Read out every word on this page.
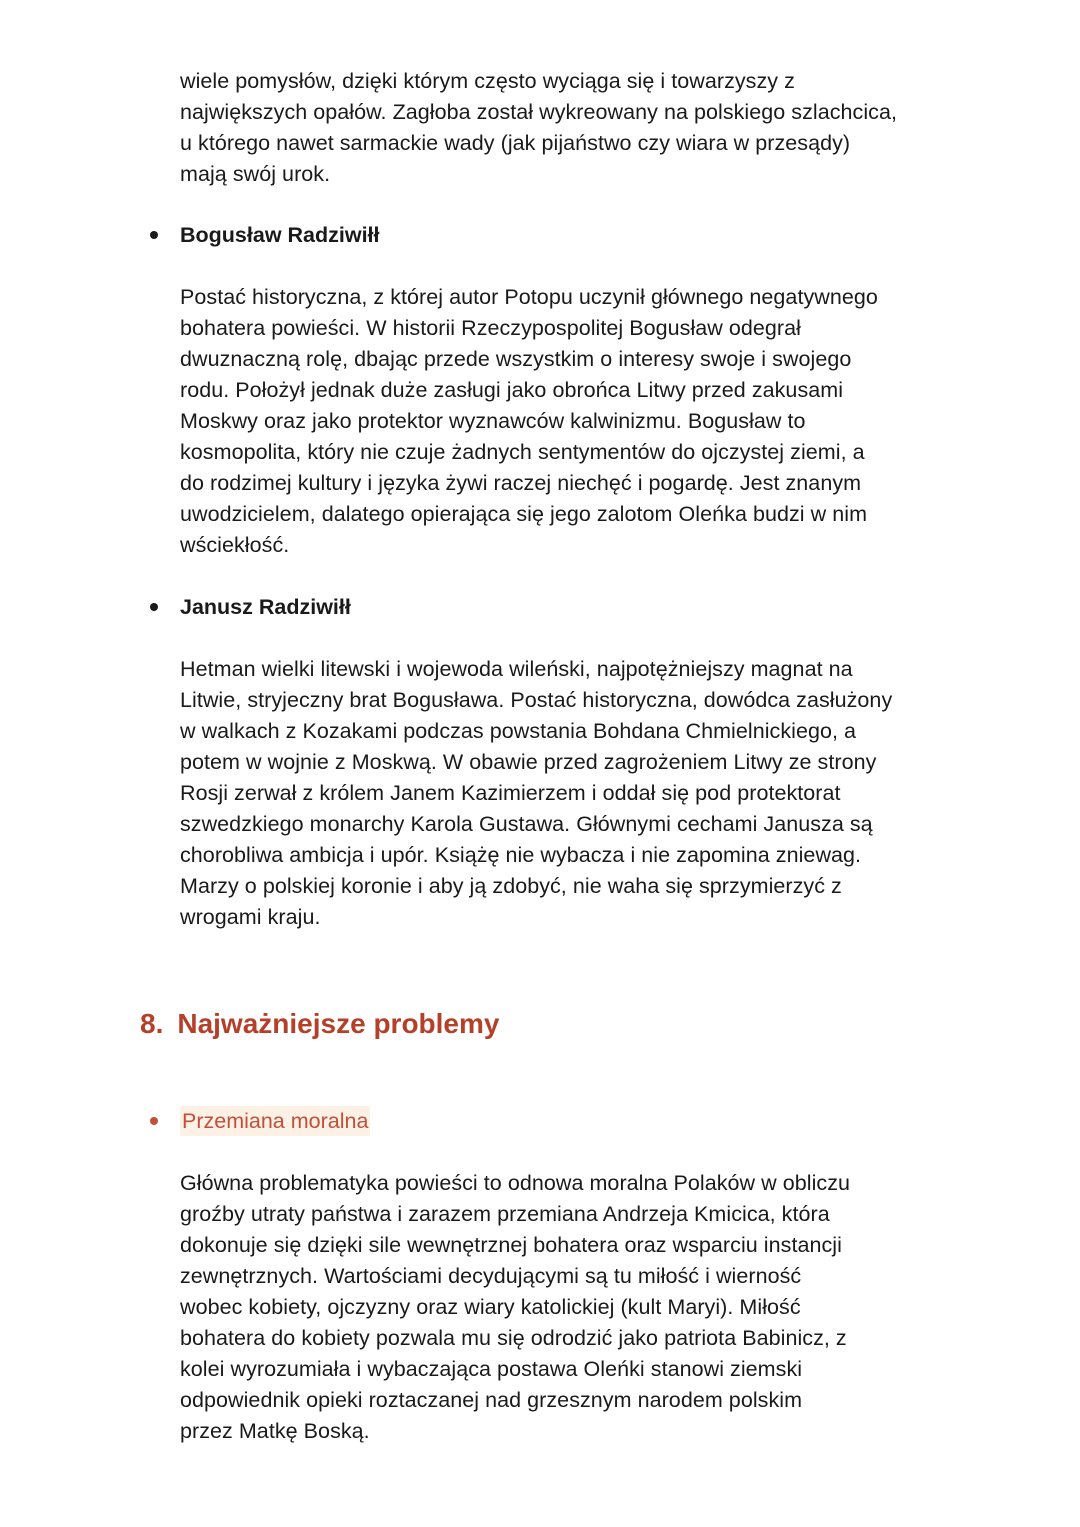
wiele pomysłów, dzięki którym często wyciąga się i towarzyszy z
największych opałów. Zagłoba został wykreowany na polskiego szlachcica,
u którego nawet sarmackie wady (jak pijaństwo czy wiara w przesądy)
mają swój urok.

Bogusław Radziwiłł

Postać historyczna, z której autor Potopu uczynił głównego negatywnego
bohatera powieści. W historii Rzeczypospolitej Bogusław odegrał
dwuznaczną rolę, dbając przede wszystkim o interesy swoje i swojego
rodu. Położył jednak duże zasługi jako obrońca Litwy przed zakusami
Moskwy oraz jako protektor wyznawców kalwinizmu. Bogusław to
kosmopolita, który nie czuje żadnych sentymentów do ojczystej ziemi, a
do rodzimej kultury i języka żywi raczej niechęć i pogardę. Jest znanym
uwodzicielem, dalatego opierająca się jego zalotom Oleńka budzi w nim
wściekłość.

Janusz Radziwiłł

Hetman wielki litewski i wojewoda wileński, najpotężniejszy magnat na
Litwie, stryjeczny brat Bogusława. Postać historyczna, dowódca zasłużony
w walkach z Kozakami podczas powstania Bohdana Chmielnickiego, a
potem w wojnie z Moskwą. W obawie przed zagrożeniem Litwy ze strony
Rosji zerwał z królem Janem Kazimierzem i oddał się pod protektorat
szwedzkiego monarchy Karola Gustawa. Głównymi cechami Janusza są
chorobliwa ambicja i upór. Książę nie wybacza i nie zapomina zniewag.
Marzy o polskiej koronie i aby ją zdobyć, nie waha się sprzymierzyć z
wrogami kraju.

8. Najważniejsze problemy
Przemiana moralna

Główna problematyka powieści to odnowa moralna Polaków w obliczu
groźby utraty państwa i zarazem przemiana Andrzeja Kmicica, która
dokonuje się dzięki sile wewnętrznej bohatera oraz wsparciu instancji
zewnętrznych. Wartościami decydującymi są tu miłość i wierność
wobec kobiety, ojczyzny oraz wiary katolickiej (kult Maryi). Miłość
bohatera do kobiety pozwala mu się odrodzić jako patriota Babinicz, z
kolei wyrozumiała i wybaczająca postawa Oleńki stanowi ziemski
odpowiednik opieki roztaczanej nad grzesznym narodem polskim
przez Matkę Boską.
